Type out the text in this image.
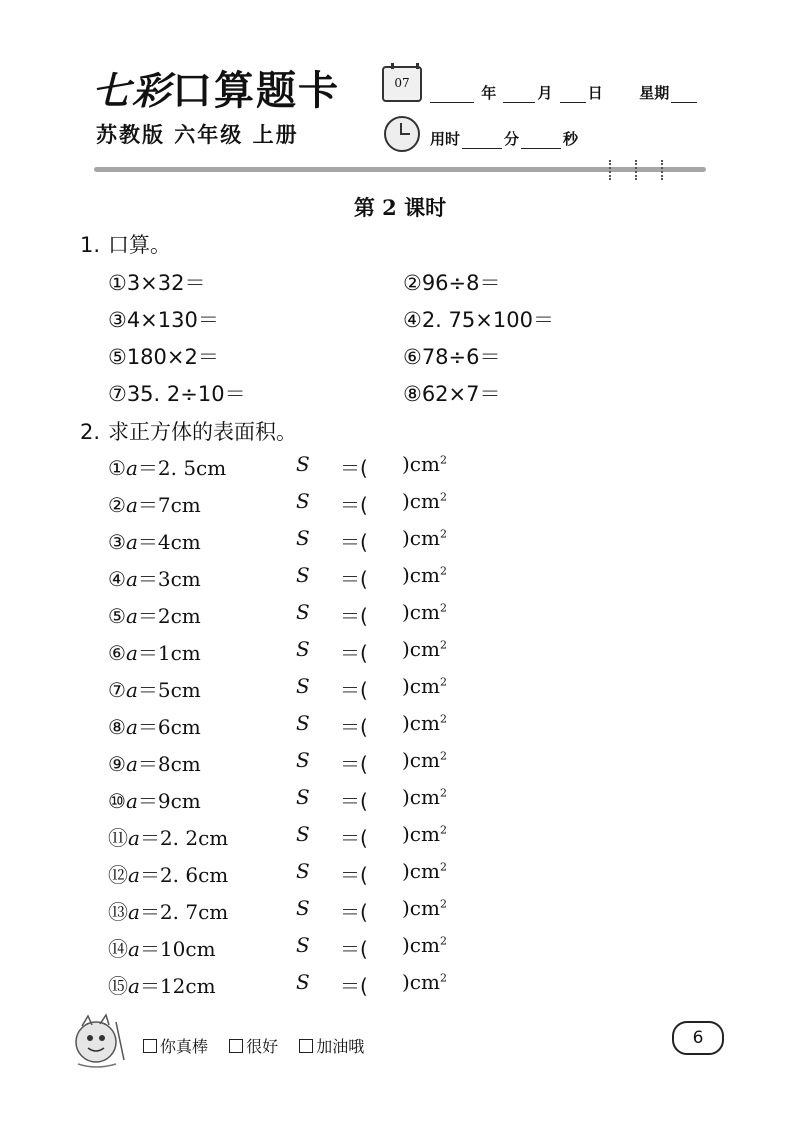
七彩口算题卡
苏教版 六年级 上册
07
年	月 日 星期
用时	分	秒
第 2 课时
1. 口算。
①3×32＝	②96÷8＝
③4×130＝	④2. 75×100＝
⑤180×2＝	⑥78÷6＝
⑦35. 2÷10＝	⑧62×7＝
2. 求正方体的表面积。
①a＝2. 5cm	S ＝( )$cm^2$
②a＝7cm	S ＝( )$cm^2$
③a＝4cm	S ＝( )$cm^2$
④a＝3cm	S ＝( )$cm^2$
⑤a＝2cm	S ＝( )$cm^2$
⑥a＝1cm	S ＝( )$cm^2$
⑦a＝5cm	S ＝( )$cm^2$
⑧a＝6cm	S ＝( )$cm^2$
⑨a＝8cm	S ＝( )$cm^2$
⑩a＝9cm	S ＝( )$cm^2$
⑪a＝2. 2cm	S ＝( )$cm^2$
⑫a＝2. 6cm	S ＝( )$cm^2$
⑬a＝2. 7cm	S ＝( )$cm^2$
⑭a＝10cm	S ＝( )$cm^2$
⑮a＝12cm	S ＝( )$cm^2$
你真棒 很好 加油哦	6
